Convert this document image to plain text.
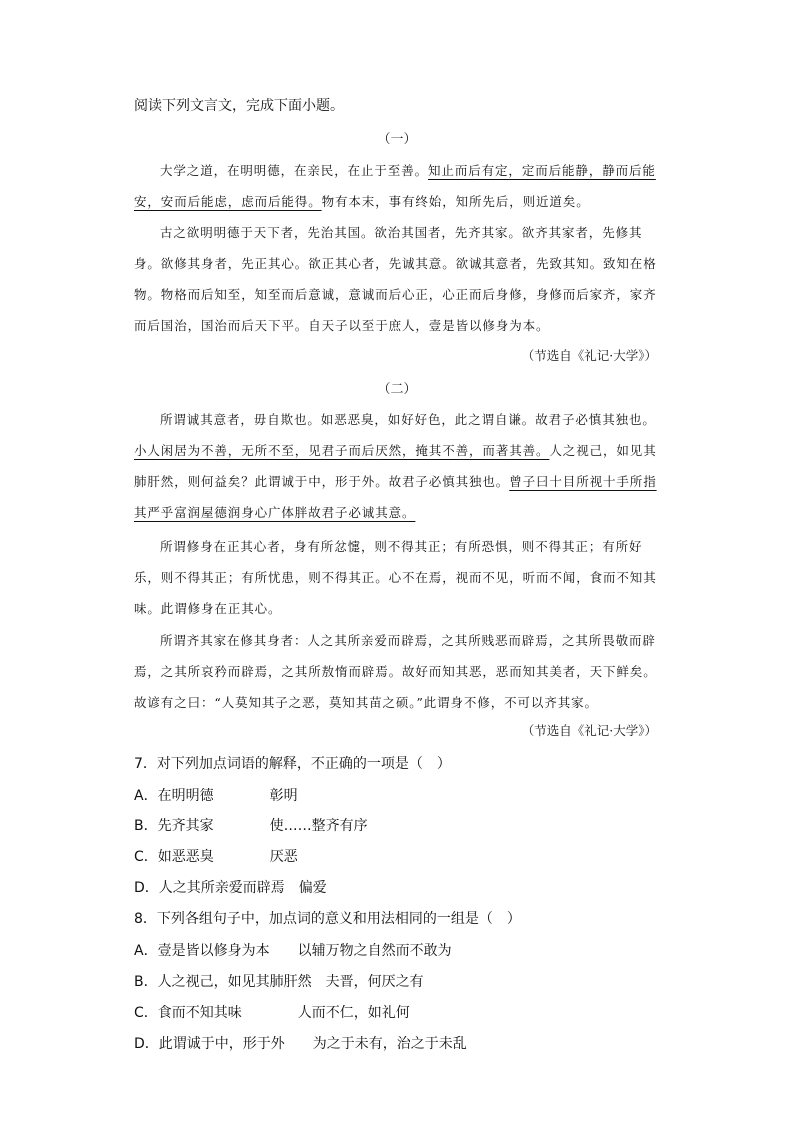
阅读下列文言文，完成下面小题。
（一）

大学之道，在明明德，在亲民，在止于至善。知止而后有定，定而后能静，静而后能安，安而后能虑，虑而后能得。物有本末，事有终始，知所先后，则近道矣。

古之欲明明德于天下者，先治其国。欲治其国者，先齐其家。欲齐其家者，先修其身。欲修其身者，先正其心。欲正其心者，先诚其意。欲诚其意者，先致其知。致知在格物。物格而后知至，知至而后意诚，意诚而后心正，心正而后身修，身修而后家齐，家齐而后国治，国治而后天下平。自天子以至于庶人，壹是皆以修身为本。

（节选自《礼记·大学》）
（二）

所谓诚其意者，毋自欺也。如恶恶臭，如好好色，此之谓自谦。故君子必慎其独也。小人闲居为不善，无所不至，见君子而后厌然，掩其不善，而著其善。人之视己，如见其肺肝然，则何益矣？此谓诚于中，形于外。故君子必慎其独也。曾子曰十目所视十手所指其严乎富润屋德润身心广体胖故君子必诚其意。

所谓修身在正其心者，身有所忿懥，则不得其正；有所恐惧，则不得其正；有所好乐，则不得其正；有所忧患，则不得其正。心不在焉，视而不见，听而不闻，食而不知其味。此谓修身在正其心。

所谓齐其家在修其身者：人之其所亲爱而辟焉，之其所贱恶而辟焉，之其所畏敬而辟焉，之其所哀矜而辟焉，之其所敖惰而辟焉。故好而知其恶，恶而知其美者，天下鲜矣。故谚有之曰：“人莫知其子之恶，莫知其苗之硕。”此谓身不修，不可以齐其家。

（节选自《礼记·大学》）
7．对下列加点词语的解释，不正确的一项是（　）
A．在明明德　　　　彰明
B．先齐其家　　　　使……整齐有序
C．如恶恶臭　　　　厌恶
D．人之其所亲爱而辟焉　偏爱
8．下列各组句子中，加点词的意义和用法相同的一组是（　）
A．壹是皆以修身为本　　以辅万物之自然而不敢为
B．人之视己，如见其肺肝然　夫晋，何厌之有
C．食而不知其味　　　　人而不仁，如礼何
D．此谓诚于中，形于外　　为之于未有，治之于未乱
